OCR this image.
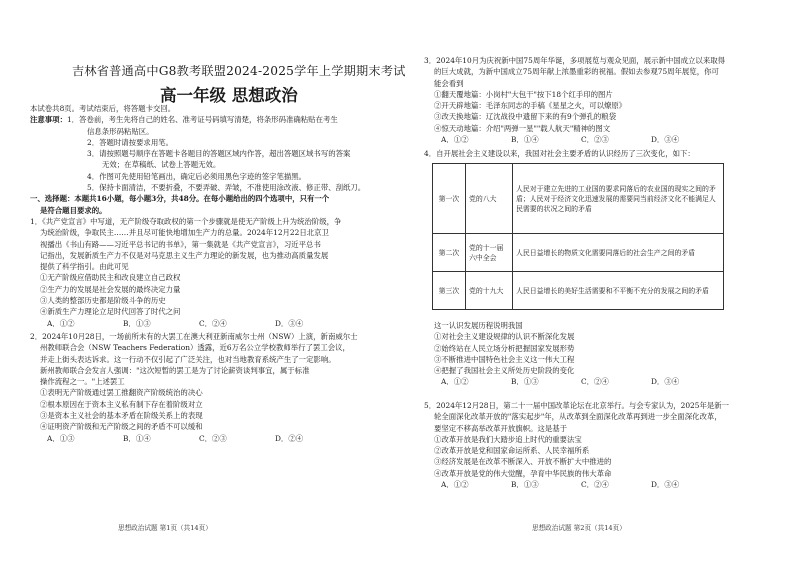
吉林省普通高中G8教考联盟2024-2025学年上学期期末考试
高一年级 思想政治
本试卷共8页。考试结束后，将答题卡交回。
注意事项：1．答卷前，考生先将自己的姓名、准考证号码填写清楚，将条形码准确粘贴在考生
信息条形码粘贴区。
2．答题时请按要求用笔。
3．请按照题号顺序在答题卡各题目的答题区域内作答，超出答题区域书写的答案
无效；在草稿纸、试卷上答题无效。
4．作图可先使用铅笔画出，确定后必须用黑色字迹的签字笔描黑。
5．保持卡面清洁，不要折叠，不要弄破、弄皱，不准使用涂改液、修正带、刮纸刀。
一、选择题：本题共16小题，每小题3分，共48分。在每小题给出的四个选项中，只有一个
是符合题目要求的。
1．《共产党宣言》中写道，无产阶级夺取政权的第一个步骤就是使无产阶级上升为统治阶级，争
为统治阶级，争取民主……并且尽可能快地增加生产力的总量。2024年12月22日北京卫
视播出《书山有路——习近平总书记的书单》，第一集就是《共产党宣言》，习近平总书
记指出，发展新质生产力不仅是对马克思主义生产力理论的新发展，也为推动高质量发展
提供了科学指引。由此可见
①无产阶级应借助民主和改良建立自己政权
②生产力的发展是社会发展的最终决定力量
③人类的整部历史都是阶级斗争的历史
④新质生产力理论立足时代回答了时代之问
A．①②	B．①③	C．②④	D．③④
2．2024年10月28日，一场前所未有的大罢工在澳大利亚新南威尔士州（NSW）上演，新南威尔士
州教师联合会（NSW Teachers Federation）透露，近6万名公立学校教师举行了罢工会议，
并走上街头表达诉求。这一行动不仅引起了广泛关注，也对当地教育系统产生了一定影响。
新州教师联合会发言人强调："这次短暂的罢工是为了讨论薪资谈判事宜，属于标准
操作流程之一。"上述罢工
①表明无产阶级通过罢工推翻资产阶级统治的决心
②根本原因在于资本主义私有制下存在着阶级对立
③是资本主义社会的基本矛盾在阶级关系上的表现
④证明资产阶级和无产阶级之间的矛盾不可以缓和
A．①③	B．①④	C．②③	D．②④
思想政治试题 第1页（共14页）
3．2024年10月为庆祝新中国75周年华诞，多项展览与观众见面，展示新中国成立以来取得
的巨大成就，为新中国成立75周年献上浓墨重彩的祝福。假如去参观75周年展览，你可
能会看到
①翻天覆地篇：小岗村"大包干"按下18个红手印的图片
②开天辟地篇：毛泽东同志的手稿《星星之火，可以燎原》
③改天换地篇：辽沈战役中遗留下来的有9个弹孔的粮袋
④惊天动地篇：介绍"两弹一星""载人航天"精神的图文
A．①②	B．①④	C．②③	D．③④
4．自开展社会主义建设以来，我国对社会主要矛盾的认识经历了三次变化，如下：
第一次	党的八大	人民对于建立先进的工业国的要求同落后的农业国的现实之间的矛盾；人民对于经济文化迅速发展的需要同当前经济文化不能满足人民需要的状况之间的矛盾
第二次	党的十一届六中全会	人民日益增长的物质文化需要同落后的社会生产之间的矛盾
第三次	党的十九大	人民日益增长的美好生活需要和不平衡不充分的发展之间的矛盾
这一认识发展历程说明我国
①对社会主义建设规律的认识不断深化发展
②始终站在人民立场分析把握国家发展形势
③不断推进中国特色社会主义这一伟大工程
④把握了我国社会主义所处历史阶段的变化
A．①②	B．①③	C．②④	D．③④
5．2024年12月28日，第二十一届中国改革论坛在北京举行。与会专家认为，2025年是新一
轮全面深化改革开放的"落实起步"年，从改革到全面深化改革再到进一步全面深化改革，
要坚定不移高举改革开放旗帜。这是基于
①改革开放是我们大踏步追上时代的重要法宝
②改革开放是党和国家命运所系、人民幸福所系
③经济发展是在改革不断深入、开放不断扩大中推进的
④改革开放是党的伟大觉醒，孕育中华民族的伟大革命
A．①②	B．①③	C．②④	D．③④
思想政治试题 第2页（共14页）
